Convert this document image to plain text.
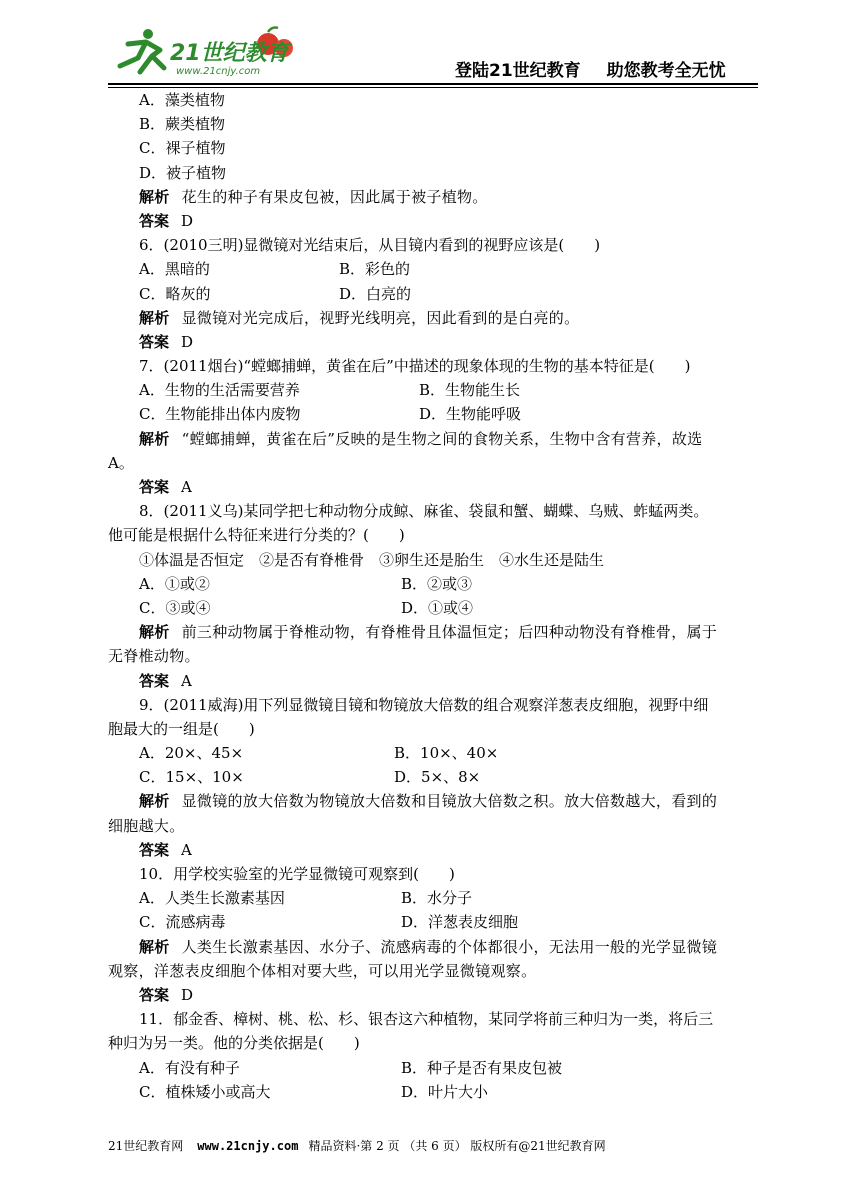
21世纪教育
www.21cnjy.com	登陆21世纪教育 助您教考全无忧
A．藻类植物
B．蕨类植物
C．裸子植物
D．被子植物
解析 花生的种子有果皮包被，因此属于被子植物。
答案 D
6．(2010三明)显微镜对光结束后，从目镜内看到的视野应该是(　　)
A．黑暗的	B．彩色的
C．略灰的	D．白亮的
解析 显微镜对光完成后，视野光线明亮，因此看到的是白亮的。
答案 D
7．(2011烟台)“螳螂捕蝉，黄雀在后”中描述的现象体现的生物的基本特征是(　　)
A．生物的生活需要营养	B．生物能生长
C．生物能排出体内废物	D．生物能呼吸
解析 “螳螂捕蝉，黄雀在后”反映的是生物之间的食物关系，生物中含有营养，故选
A。
答案 A
8．(2011义乌)某同学把七种动物分成鲸、麻雀、袋鼠和蟹、蝴蝶、乌贼、蚱蜢两类。
他可能是根据什么特征来进行分类的？(　　)
①体温是否恒定　②是否有脊椎骨　③卵生还是胎生　④水生还是陆生
A．①或②	B．②或③
C．③或④	D．①或④
解析 前三种动物属于脊椎动物，有脊椎骨且体温恒定；后四种动物没有脊椎骨，属于
无脊椎动物。
答案 A
9．(2011威海)用下列显微镜目镜和物镜放大倍数的组合观察洋葱表皮细胞，视野中细
胞最大的一组是(　　)
A．20×、45×	B．10×、40×
C．15×、10×	D．5×、8×
解析 显微镜的放大倍数为物镜放大倍数和目镜放大倍数之积。放大倍数越大，看到的
细胞越大。
答案 A
10．用学校实验室的光学显微镜可观察到(　　)
A．人类生长激素基因	B．水分子
C．流感病毒	D．洋葱表皮细胞
解析 人类生长激素基因、水分子、流感病毒的个体都很小，无法用一般的光学显微镜
观察，洋葱表皮细胞个体相对要大些，可以用光学显微镜观察。
答案 D
11．郁金香、樟树、桃、松、杉、银杏这六种植物，某同学将前三种归为一类，将后三
种归为另一类。他的分类依据是(　　)
A．有没有种子	B．种子是否有果皮包被
C．植株矮小或高大	D．叶片大小
21世纪教育网 www.21cnjy.com 精品资料·第 2 页 （共 6 页） 版权所有@21世纪教育网
